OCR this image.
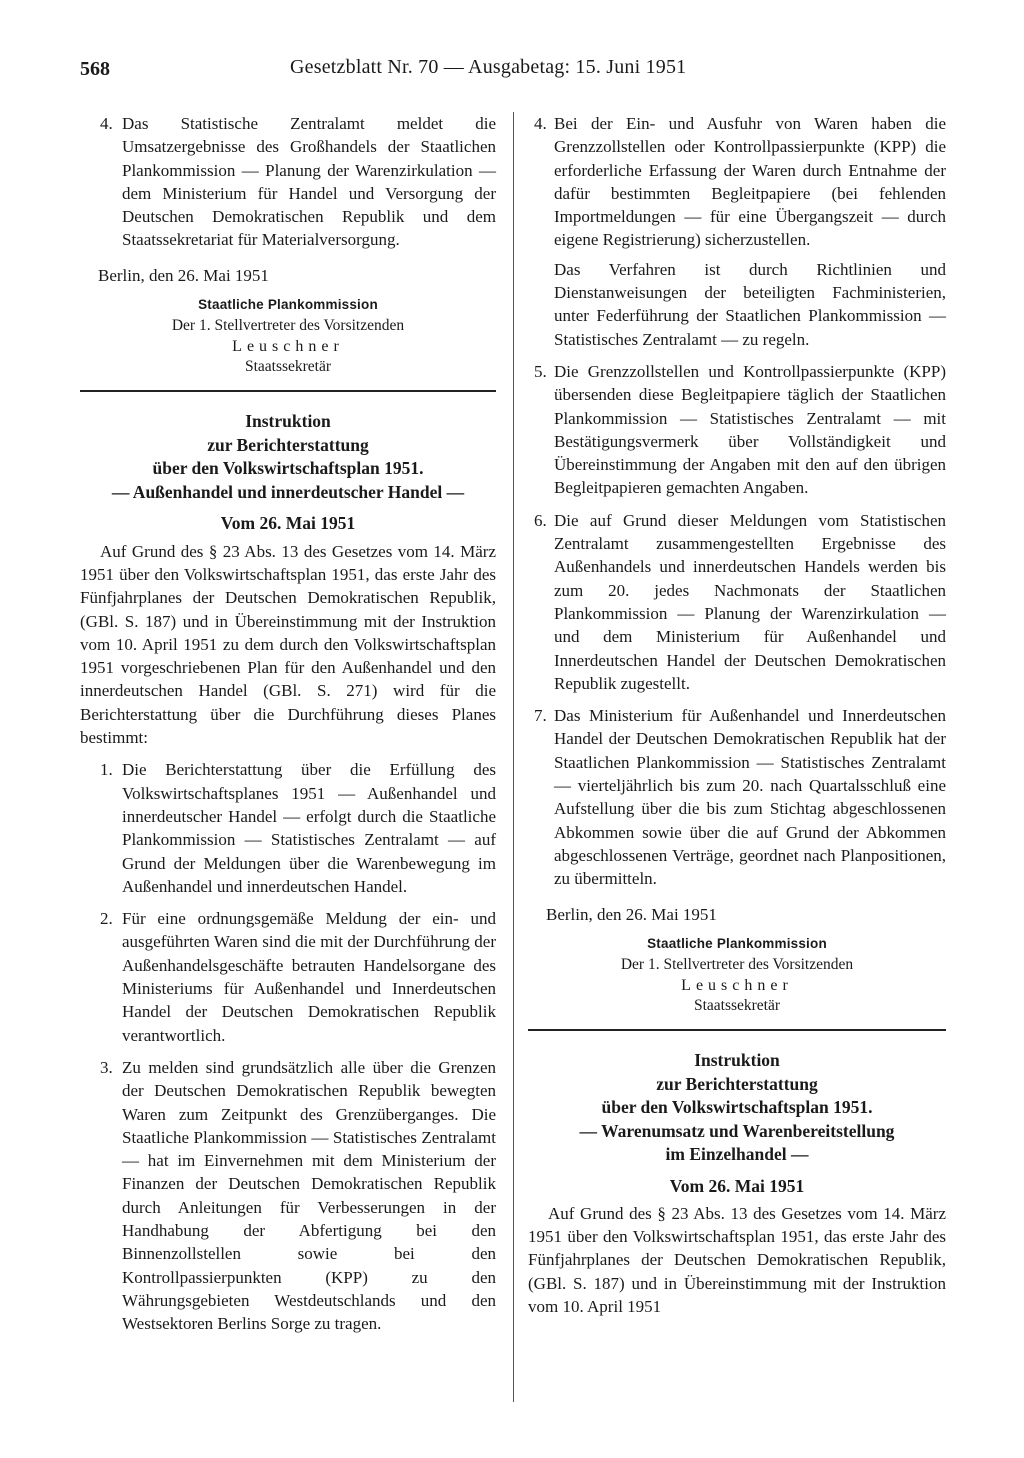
568	Gesetzblatt Nr. 70 — Ausgabetag: 15. Juni 1951
4. Das Statistische Zentralamt meldet die Umsatzergebnisse des Großhandels der Staatlichen Plankommission — Planung der Warenzirkulation — dem Ministerium für Handel und Versorgung der Deutschen Demokratischen Republik und dem Staatssekretariat für Materialversorgung.

Berlin, den 26. Mai 1951
Staatliche Plankommission
Der 1. Stellvertreter des Vorsitzenden
Leuschner
Staatssekretär
Instruktion
zur Berichterstattung
über den Volkswirtschaftsplan 1951.
— Außenhandel und innerdeutscher Handel —
Vom 26. Mai 1951

Auf Grund des § 23 Abs. 13 des Gesetzes vom 14. März 1951 über den Volkswirtschaftsplan 1951, das erste Jahr des Fünfjahrplanes der Deutschen Demokratischen Republik, (GBl. S. 187) und in Übereinstimmung mit der Instruktion vom 10. April 1951 zu dem durch den Volkswirtschaftsplan 1951 vorgeschriebenen Plan für den Außenhandel und den innerdeutschen Handel (GBl. S. 271) wird für die Berichterstattung über die Durchführung dieses Planes bestimmt:

1. Die Berichterstattung über die Erfüllung des Volkswirtschaftsplanes 1951 — Außenhandel und innerdeutscher Handel — erfolgt durch die Staatliche Plankommission — Statistisches Zentralamt — auf Grund der Meldungen über die Warenbewegung im Außenhandel und innerdeutschen Handel.

2. Für eine ordnungsgemäße Meldung der ein- und ausgeführten Waren sind die mit der Durchführung der Außenhandelsgeschäfte betrauten Handelsorgane des Ministeriums für Außenhandel und Innerdeutschen Handel der Deutschen Demokratischen Republik verantwortlich.

3. Zu melden sind grundsätzlich alle über die Grenzen der Deutschen Demokratischen Republik bewegten Waren zum Zeitpunkt des Grenzüberganges. Die Staatliche Plankommission — Statistisches Zentralamt — hat im Einvernehmen mit dem Ministerium der Finanzen der Deutschen Demokratischen Republik durch Anleitungen für Verbesserungen in der Handhabung der Abfertigung bei den Binnenzollstellen sowie bei den Kontrollpassierpunkten (KPP) zu den Währungsgebieten Westdeutschlands und den Westsektoren Berlins Sorge zu tragen.

4. Bei der Ein- und Ausfuhr von Waren haben die Grenzzollstellen oder Kontrollpassierpunkte (KPP) die erforderliche Erfassung der Waren durch Entnahme der dafür bestimmten Begleitpapiere (bei fehlenden Importmeldungen — für eine Übergangszeit — durch eigene Registrierung) sicherzustellen.

Das Verfahren ist durch Richtlinien und Dienstanweisungen der beteiligten Fachministerien, unter Federführung der Staatlichen Plankommission — Statistisches Zentralamt — zu regeln.

5. Die Grenzzollstellen und Kontrollpassierpunkte (KPP) übersenden diese Begleitpapiere täglich der Staatlichen Plankommission — Statistisches Zentralamt — mit Bestätigungsvermerk über Vollständigkeit und Übereinstimmung der Angaben mit den auf den übrigen Begleitpapieren gemachten Angaben.

6. Die auf Grund dieser Meldungen vom Statistischen Zentralamt zusammengestellten Ergebnisse des Außenhandels und innerdeutschen Handels werden bis zum 20. jedes Nachmonats der Staatlichen Plankommission — Planung der Warenzirkulation — und dem Ministerium für Außenhandel und Innerdeutschen Handel der Deutschen Demokratischen Republik zugestellt.

7. Das Ministerium für Außenhandel und Innerdeutschen Handel der Deutschen Demokratischen Republik hat der Staatlichen Plankommission — Statistisches Zentralamt — vierteljährlich bis zum 20. nach Quartalsschluß eine Aufstellung über die bis zum Stichtag abgeschlossenen Abkommen sowie über die auf Grund der Abkommen abgeschlossenen Verträge, geordnet nach Planpositionen, zu übermitteln.

Berlin, den 26. Mai 1951
Staatliche Plankommission
Der 1. Stellvertreter des Vorsitzenden
Leuschner
Staatssekretär
Instruktion
zur Berichterstattung
über den Volkswirtschaftsplan 1951.
— Warenumsatz und Warenbereitstellung
im Einzelhandel —
Vom 26. Mai 1951

Auf Grund des § 23 Abs. 13 des Gesetzes vom 14. März 1951 über den Volkswirtschaftsplan 1951, das erste Jahr des Fünfjahrplanes der Deutschen Demokratischen Republik, (GBl. S. 187) und in Übereinstimmung mit der Instruktion vom 10. April 1951
